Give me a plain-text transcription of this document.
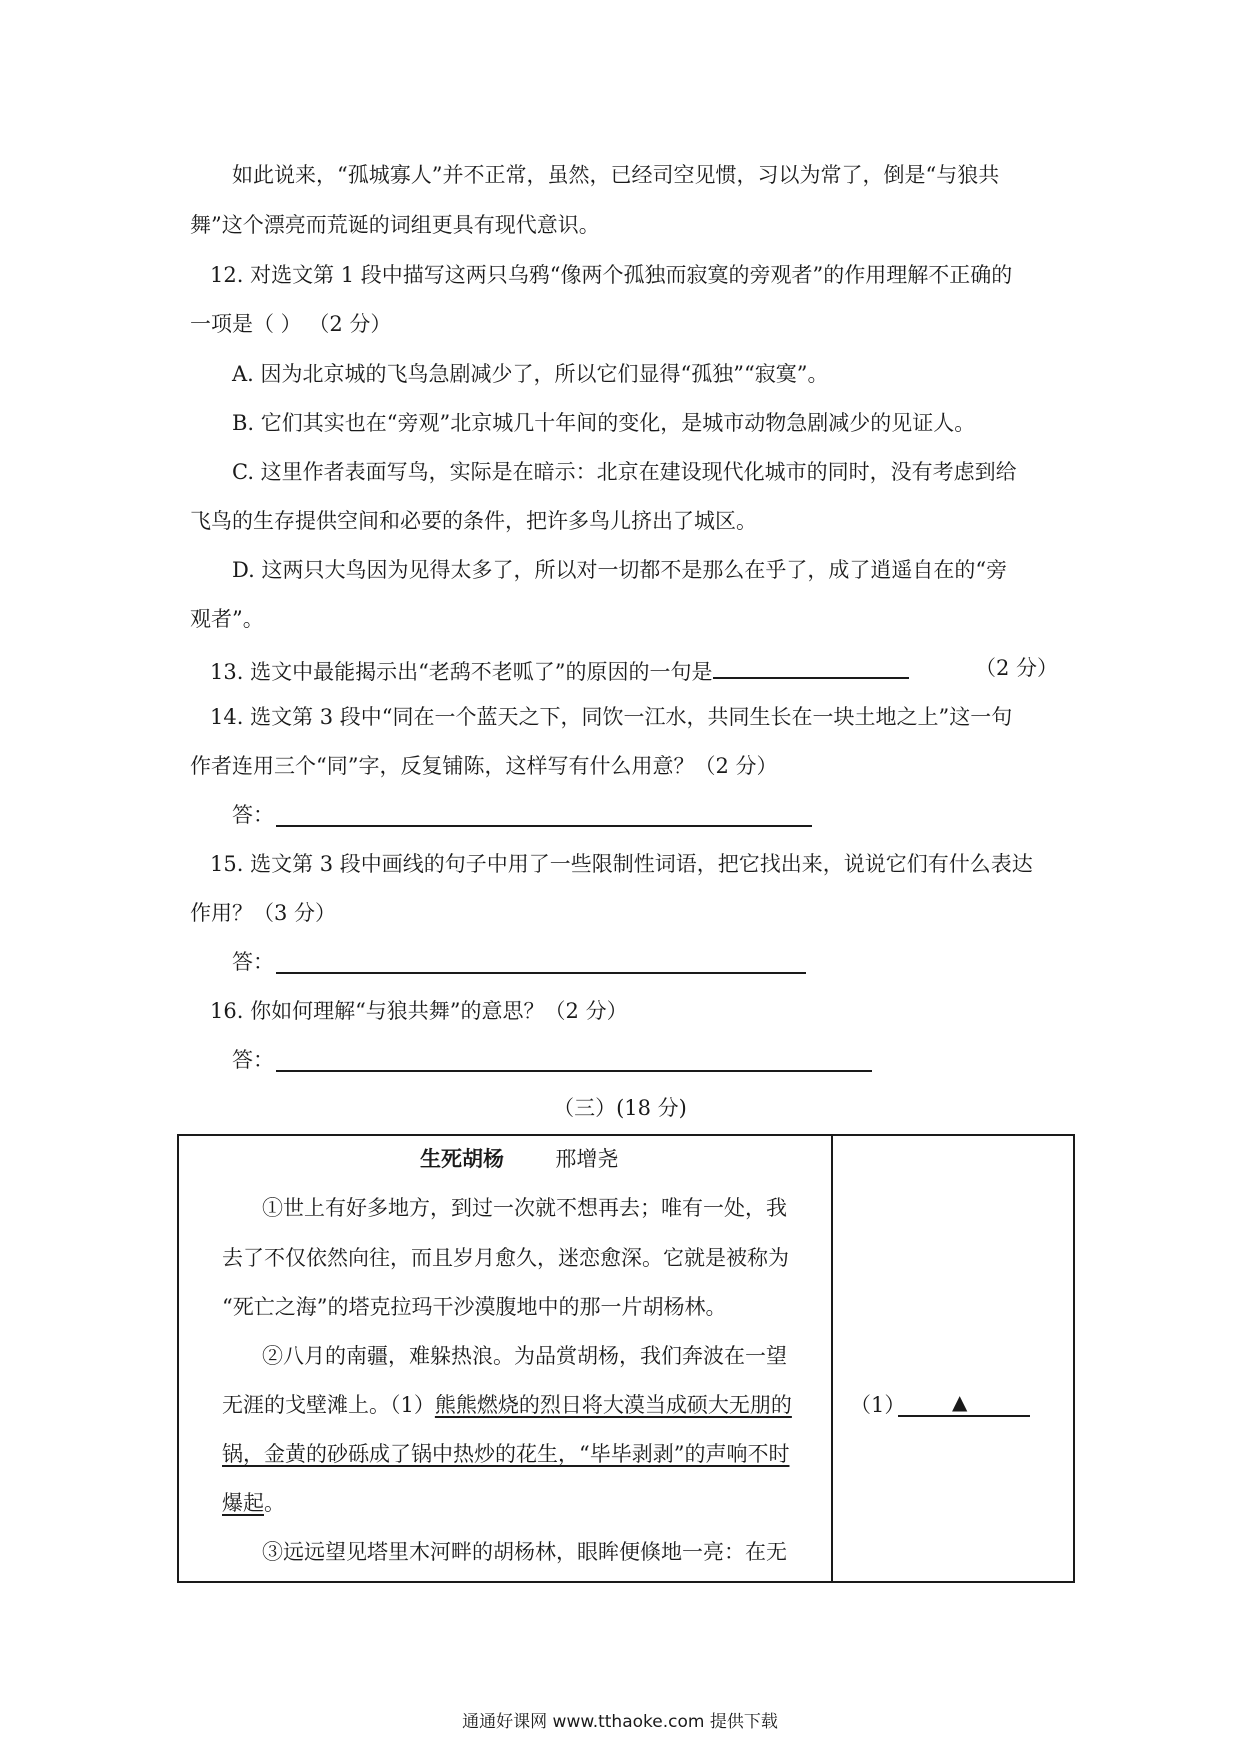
如此说来，“孤城寡人”并不正常，虽然，已经司空见惯，习以为常了，倒是“与狼共
舞”这个漂亮而荒诞的词组更具有现代意识。
12. 对选文第 1 段中描写这两只乌鸦“像两个孤独而寂寞的旁观者”的作用理解不正确的
一项是（ ） （2 分）
A. 因为北京城的飞鸟急剧减少了，所以它们显得“孤独”“寂寞”。
B. 它们其实也在“旁观”北京城几十年间的变化，是城市动物急剧减少的见证人。
C. 这里作者表面写鸟，实际是在暗示：北京在建设现代化城市的同时，没有考虑到给
飞鸟的生存提供空间和必要的条件，把许多鸟儿挤出了城区。
D. 这两只大鸟因为见得太多了，所以对一切都不是那么在乎了，成了逍遥自在的“旁
观者”。
13. 选文中最能揭示出“老鸹不老呱了”的原因的一句是	（2 分）
14. 选文第 3 段中“同在一个蓝天之下，同饮一江水，共同生长在一块土地之上”这一句
作者连用三个“同”字，反复铺陈，这样写有什么用意？（2 分）
答：
15. 选文第 3 段中画线的句子中用了一些限制性词语，把它找出来，说说它们有什么表达
作用？（3 分）
答：
16. 你如何理解“与狼共舞”的意思？（2 分）
答：
（三）(18 分)
生死胡杨 邢增尧
①世上有好多地方，到过一次就不想再去；唯有一处，我
去了不仅依然向往，而且岁月愈久，迷恋愈深。它就是被称为
“死亡之海”的塔克拉玛干沙漠腹地中的那一片胡杨林。
②八月的南疆，难躲热浪。为品赏胡杨，我们奔波在一望
无涯的戈壁滩上。（1）熊熊燃烧的烈日将大漠当成硕大无朋的
锅，金黄的砂砾成了锅中热炒的花生，“毕毕剥剥”的声响不时
爆起。
③远远望见塔里木河畔的胡杨林，眼眸便倏地一亮：在无
（1） ▲
通通好课网 www.tthaoke.com 提供下载
